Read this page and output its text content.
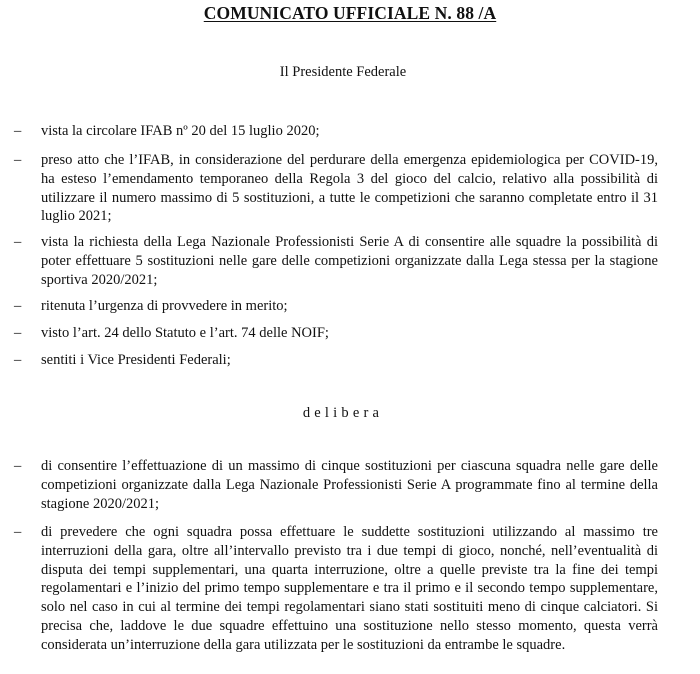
COMUNICATO UFFICIALE N. 88 /A
Il Presidente Federale
– vista la circolare IFAB nº 20 del 15 luglio 2020;
– preso atto che l’IFAB, in considerazione del perdurare della emergenza epidemiologica per COVID-19, ha esteso l’emendamento temporaneo della Regola 3 del gioco del calcio, relativo alla possibilità di utilizzare il numero massimo di 5 sostituzioni, a tutte le competizioni che saranno completate entro il 31 luglio 2021;
– vista la richiesta della Lega Nazionale Professionisti Serie A di consentire alle squadre la possibilità di poter effettuare 5 sostituzioni nelle gare delle competizioni organizzate dalla Lega stessa per la stagione sportiva 2020/2021;
– ritenuta l’urgenza di provvedere in merito;
– visto l’art. 24 dello Statuto e l’art. 74 delle NOIF;
– sentiti i Vice Presidenti Federali;
delibera
– di consentire l’effettuazione di un massimo di cinque sostituzioni per ciascuna squadra nelle gare delle competizioni organizzate dalla Lega Nazionale Professionisti Serie A programmate fino al termine della stagione 2020/2021;
– di prevedere che ogni squadra possa effettuare le suddette sostituzioni utilizzando al massimo tre interruzioni della gara, oltre all’intervallo previsto tra i due tempi di gioco, nonché, nell’eventualità di disputa dei tempi supplementari, una quarta interruzione, oltre a quelle previste tra la fine dei tempi regolamentari e l’inizio del primo tempo supplementare e tra il primo e il secondo tempo supplementare, solo nel caso in cui al termine dei tempi regolamentari siano stati sostituiti meno di cinque calciatori. Si precisa che, laddove le due squadre effettuino una sostituzione nello stesso momento, questa verrà considerata un’interruzione della gara utilizzata per le sostituzioni da entrambe le squadre.
